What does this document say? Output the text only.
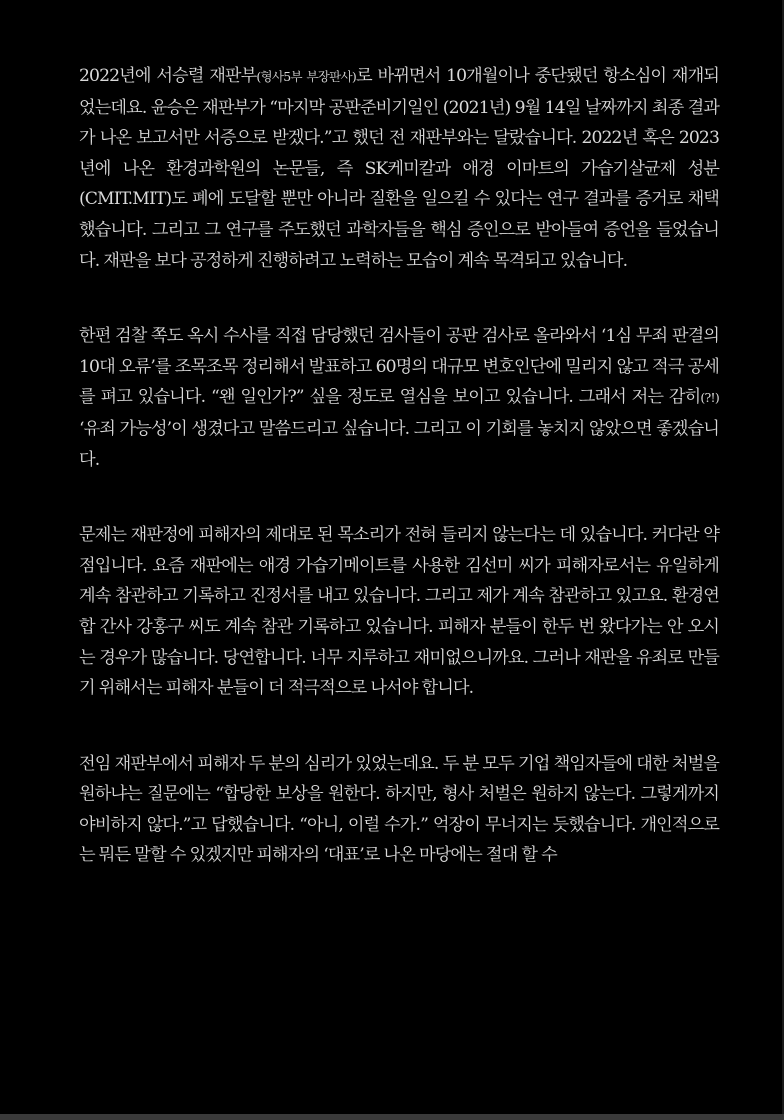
2022년에 서승렬 재판부(형사5부 부장판사)로 바뀌면서 10개월이나 중단됐던 항소심이 재개되었는데요. 윤승은 재판부가 “마지막 공판준비기일인 (2021년) 9월 14일 날짜까지 최종 결과가 나온 보고서만 서증으로 받겠다.”고 했던 전 재판부와는 달랐습니다. 2022년 혹은 2023년에 나온 환경과학원의 논문들, 즉 SK케미칼과 애경 이마트의 가습기살균제 성분(CMIT.MIT)도 폐에 도달할 뿐만 아니라 질환을 일으킬 수 있다는 연구 결과를 증거로 채택했습니다. 그리고 그 연구를 주도했던 과학자들을 핵심 증인으로 받아들여 증언을 들었습니다. 재판을 보다 공정하게 진행하려고 노력하는 모습이 계속 목격되고 있습니다.

한편 검찰 쪽도 옥시 수사를 직접 담당했던 검사들이 공판 검사로 올라와서 ‘1심 무죄 판결의 10대 오류’를 조목조목 정리해서 발표하고 60명의 대규모 변호인단에 밀리지 않고 적극 공세를 펴고 있습니다. “왠 일인가?” 싶을 정도로 열심을 보이고 있습니다. 그래서 저는 감히(?!) ‘유죄 가능성’이 생겼다고 말씀드리고 싶습니다. 그리고 이 기회를 놓치지 않았으면 좋겠습니다.

문제는 재판정에 피해자의 제대로 된 목소리가 전혀 들리지 않는다는 데 있습니다. 커다란 약점입니다. 요즘 재판에는 애경 가습기메이트를 사용한 김선미 씨가 피해자로서는 유일하게 계속 참관하고 기록하고 진정서를 내고 있습니다. 그리고 제가 계속 참관하고 있고요. 환경연합 간사 강홍구 씨도 계속 참관 기록하고 있습니다. 피해자 분들이 한두 번 왔다가는 안 오시는 경우가 많습니다. 당연합니다. 너무 지루하고 재미없으니까요. 그러나 재판을 유죄로 만들기 위해서는 피해자 분들이 더 적극적으로 나서야 합니다.

전임 재판부에서 피해자 두 분의 심리가 있었는데요. 두 분 모두 기업 책임자들에 대한 처벌을 원하냐는 질문에는 “합당한 보상을 원한다. 하지만, 형사 처벌은 원하지 않는다. 그렇게까지 야비하지 않다.”고 답했습니다. “아니, 이럴 수가.” 억장이 무너지는 듯했습니다. 개인적으로는 뭐든 말할 수 있겠지만 피해자의 ‘대표’로 나온 마당에는 절대 할 수
